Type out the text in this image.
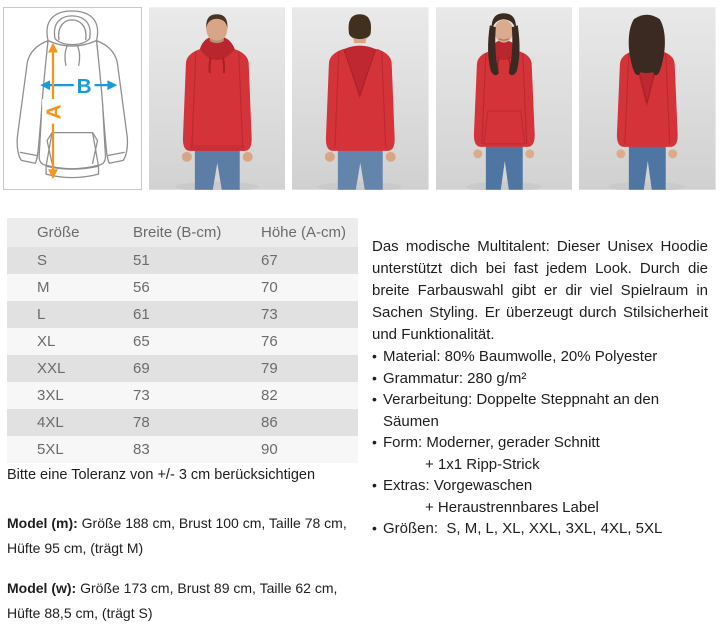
B
A
Größe	Breite (B-cm)	Höhe (A-cm)
S	51	67
M	56	70
L	61	73
XL	65	76
XXL	69	79
3XL	73	82
4XL	78	86
5XL	83	90
Bitte eine Toleranz von +/- 3 cm berücksichtigen

Model (m): Größe 188 cm, Brust 100 cm, Taille 78 cm, Hüfte 95 cm, (trägt M)

Model (w): Größe 173 cm, Brust 89 cm, Taille 62 cm, Hüfte 88,5 cm, (trägt S)

Das modische Multitalent: Dieser Unisex Hoodie unterstützt dich bei fast jedem Look. Durch die breite Farbauswahl gibt er dir viel Spielraum in Sachen Styling. Er überzeugt durch Stilsicherheit und Funktionalität.

• Material: 80% Baumwolle, 20% Polyester
• Grammatur: 280 g/m²
• Verarbeitung: Doppelte Steppnaht an den Säumen
• Form: Moderner, gerader Schnitt
+ 1x1 Ripp-Strick
• Extras: Vorgewaschen
+ Heraustrennbares Label
• Größen:  S, M, L, XL, XXL, 3XL, 4XL, 5XL
